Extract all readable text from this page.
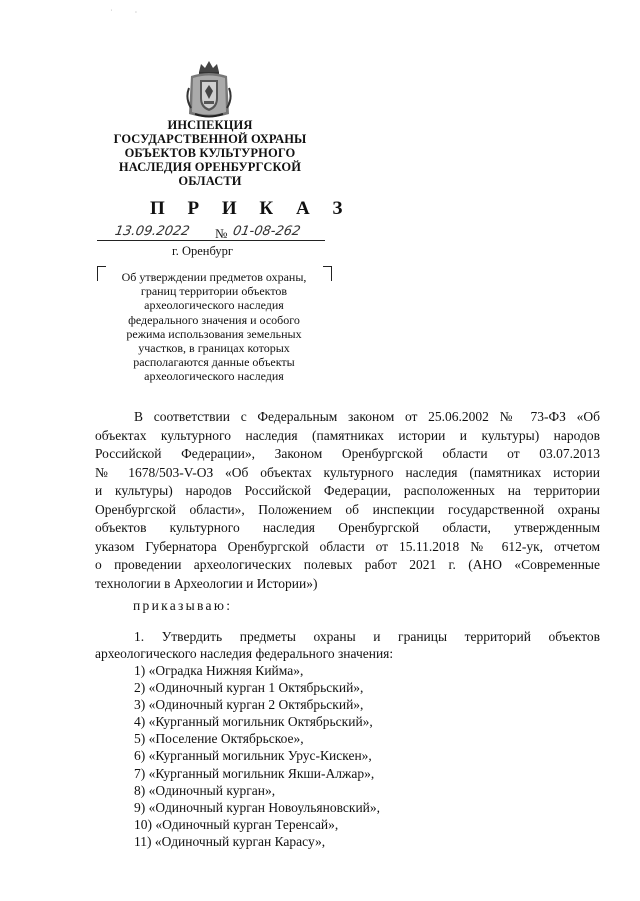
˙ ·
ИНСПЕКЦИЯ
ГОСУДАРСТВЕННОЙ ОХРАНЫ
ОБЪЕКТОВ КУЛЬТУРНОГО
НАСЛЕДИЯ ОРЕНБУРГСКОЙ
ОБЛАСТИ
П Р И К А З
13.09.2022 № 01-08-262
г. Оренбург
Об утверждении предметов охраны,
границ территории объектов
археологического наследия
федерального значения и особого
режима использования земельных
участков, в границах которых
располагаются данные объекты
археологического наследия
В соответствии с Федеральным законом от 25.06.2002 № 73-ФЗ «Об
объектах культурного наследия (памятниках истории и культуры) народов
Российской Федерации», Законом Оренбургской области от 03.07.2013
№ 1678/503-V-ОЗ «Об объектах культурного наследия (памятниках истории
и культуры) народов Российской Федерации, расположенных на территории
Оренбургской области», Положением об инспекции государственной охраны
объектов культурного наследия Оренбургской области, утвержденным
указом Губернатора Оренбургской области от 15.11.2018 № 612-ук, отчетом
о проведении археологических полевых работ 2021 г. (АНО «Современные
технологии в Археологии и Истории»)
приказываю:
1. Утвердить предметы охраны и границы территорий объектов
археологического наследия федерального значения:
1) «Оградка Нижняя Кийма»,
2) «Одиночный курган 1 Октябрьский»,
3) «Одиночный курган 2 Октябрьский»,
4) «Курганный могильник Октябрьский»,
5) «Поселение Октябрьское»,
6) «Курганный могильник Урус-Кискен»,
7) «Курганный могильник Якши-Алжар»,
8) «Одиночный курган»,
9) «Одиночный курган Новоульяновский»,
10) «Одиночный курган Теренсай»,
11) «Одиночный курган Карасу»,
